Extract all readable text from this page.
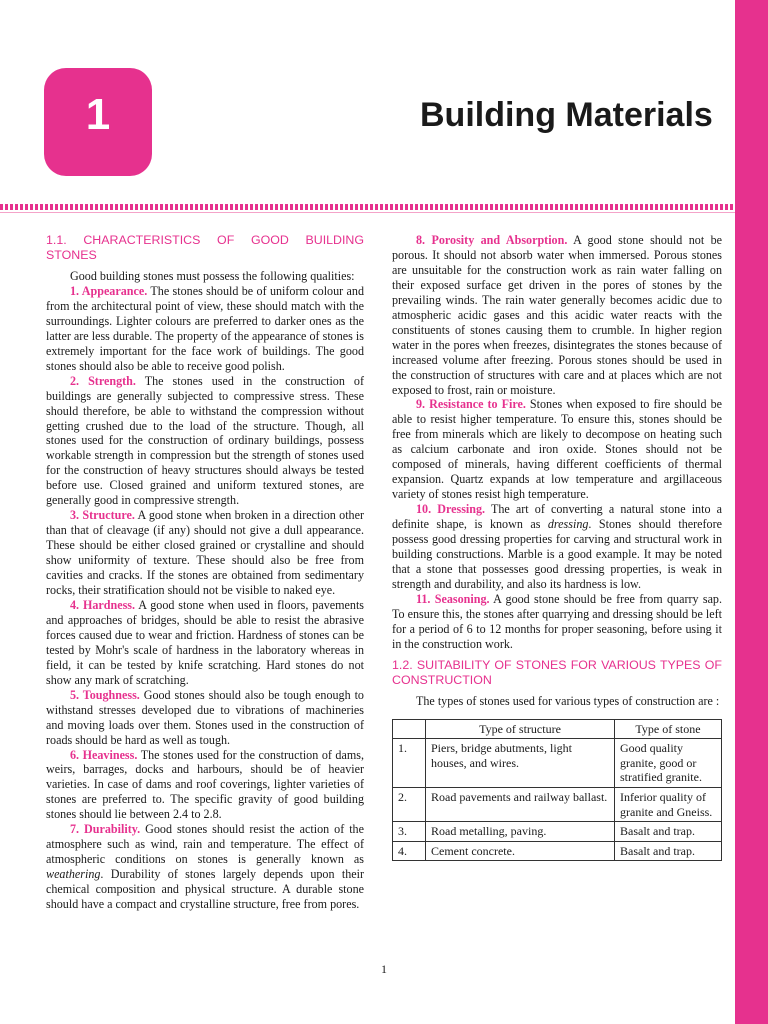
1	Building Materials
1.1. CHARACTERISTICS OF GOOD BUILDING STONES

Good building stones must possess the following qualities:

1. Appearance. The stones should be of uniform colour and from the architectural point of view, these should match with the surroundings. Lighter colours are preferred to darker ones as the latter are less durable. The property of the appearance of stones is extremely important for the face work of buildings. The good stones should also be able to receive good polish.

2. Strength. The stones used in the construction of buildings are generally subjected to compressive stress. These should therefore, be able to withstand the compression without getting crushed due to the load of the structure. Though, all stones used for the construction of ordinary buildings, possess workable strength in compression but the strength of stones used for the construction of heavy structures should always be tested before use. Closed grained and uniform textured stones, are generally good in compressive strength.

3. Structure. A good stone when broken in a direction other than that of cleavage (if any) should not give a dull appearance. These should be either closed grained or crystalline and should show uniformity of texture. These should also be free from cavities and cracks. If the stones are obtained from sedimentary rocks, their stratification should not be visible to naked eye.

4. Hardness. A good stone when used in floors, pavements and approaches of bridges, should be able to resist the abrasive forces caused due to wear and friction. Hardness of stones can be tested by Mohr's scale of hardness in the laboratory whereas in field, it can be tested by knife scratching. Hard stones do not show any mark of scratching.

5. Toughness. Good stones should also be tough enough to withstand stresses developed due to vibrations of machineries and moving loads over them. Stones used in the construction of roads should be hard as well as tough.

6. Heaviness. The stones used for the construction of dams, weirs, barrages, docks and harbours, should be of heavier varieties. In case of dams and roof coverings, lighter varieties of stones are preferred to. The specific gravity of good building stones should lie between 2.4 to 2.8.

7. Durability. Good stones should resist the action of the atmosphere such as wind, rain and temperature. The effect of atmospheric conditions on stones is generally known as weathering. Durability of stones largely depends upon their chemical composition and physical structure. A durable stone should have a compact and crystalline structure, free from pores.

8. Porosity and Absorption. A good stone should not be porous. It should not absorb water when immersed. Porous stones are unsuitable for the construction work as rain water falling on their exposed surface get driven in the pores of stones by the prevailing winds. The rain water generally becomes acidic due to atmospheric acidic gases and this acidic water reacts with the constituents of stones causing them to crumble. In higher region water in the pores when freezes, disintegrates the stones because of increased volume after freezing. Porous stones should be used in the construction of structures with care and at places which are not exposed to frost, rain or moisture.

9. Resistance to Fire. Stones when exposed to fire should be able to resist higher temperature. To ensure this, stones should be free from minerals which are likely to decompose on heating such as calcium carbonate and iron oxide. Stones should not be composed of minerals, having different coefficients of thermal expansion. Quartz expands at low temperature and argillaceous variety of stones resist high temperature.

10. Dressing. The art of converting a natural stone into a definite shape, is known as dressing. Stones should therefore possess good dressing properties for carving and structural work in building constructions. Marble is a good example. It may be noted that a stone that possesses good dressing properties, is weak in strength and durability, and also its hardness is low.

11. Seasoning. A good stone should be free from quarry sap. To ensure this, the stones after quarrying and dressing should be left for a period of 6 to 12 months for proper seasoning, before using it in the construction work.

1.2. SUITABILITY OF STONES FOR VARIOUS TYPES OF CONSTRUCTION

The types of stones used for various types of construction are :

	Type of structure	Type of stone
1.	Piers, bridge abutments, light houses, and wires.	Good quality granite, good or stratified granite.
2.	Road pavements and railway ballast.	Inferior quality of granite and Gneiss.
3.	Road metalling, paving.	Basalt and trap.
4.	Cement concrete.	Basalt and trap.
1
